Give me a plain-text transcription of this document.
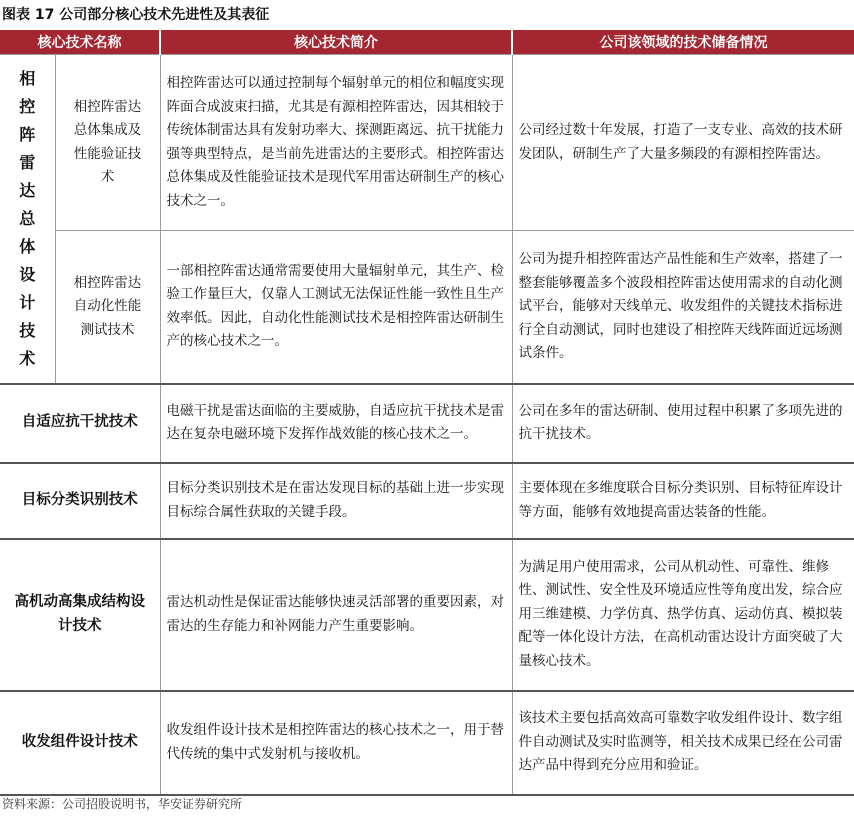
图表 17 公司部分核心技术先进性及其表征
核心技术名称		核心技术简介	公司该领域的技术储备情况
相控阵雷达总体设计技术	相控阵雷达总体集成及性能验证技术	相控阵雷达可以通过控制每个辐射单元的相位和幅度实现阵面合成波束扫描，尤其是有源相控阵雷达，因其相较于传统体制雷达具有发射功率大、探测距离远、抗干扰能力强等典型特点，是当前先进雷达的主要形式。相控阵雷达总体集成及性能验证技术是现代军用雷达研制生产的核心技术之一。	公司经过数十年发展，打造了一支专业、高效的技术研发团队，研制生产了大量多频段的有源相控阵雷达。
	相控阵雷达自动化性能测试技术	一部相控阵雷达通常需要使用大量辐射单元，其生产、检验工作量巨大，仅靠人工测试无法保证性能一致性且生产效率低。因此，自动化性能测试技术是相控阵雷达研制生产的核心技术之一。	公司为提升相控阵雷达产品性能和生产效率，搭建了一整套能够覆盖多个波段相控阵雷达使用需求的自动化测试平台，能够对天线单元、收发组件的关键技术指标进行全自动测试，同时也建设了相控阵天线阵面近远场测试条件。
自适应抗干扰技术		电磁干扰是雷达面临的主要威胁，自适应抗干扰技术是雷达在复杂电磁环境下发挥作战效能的核心技术之一。	公司在多年的雷达研制、使用过程中积累了多项先进的抗干扰技术。
目标分类识别技术		目标分类识别技术是在雷达发现目标的基础上进一步实现目标综合属性获取的关键手段。	主要体现在多维度联合目标分类识别、目标特征库设计等方面，能够有效地提高雷达装备的性能。
高机动高集成结构设计技术		雷达机动性是保证雷达能够快速灵活部署的重要因素，对雷达的生存能力和补网能力产生重要影响。	为满足用户使用需求，公司从机动性、可靠性、维修性、测试性、安全性及环境适应性等角度出发，综合应用三维建模、力学仿真、热学仿真、运动仿真、模拟装配等一体化设计方法，在高机动雷达设计方面突破了大量核心技术。
收发组件设计技术		收发组件设计技术是相控阵雷达的核心技术之一，用于替代传统的集中式发射机与接收机。	该技术主要包括高效高可靠数字收发组件设计、数字组件自动测试及实时监测等，相关技术成果已经在公司雷达产品中得到充分应用和验证。
资料来源：公司招股说明书，华安证券研究所
